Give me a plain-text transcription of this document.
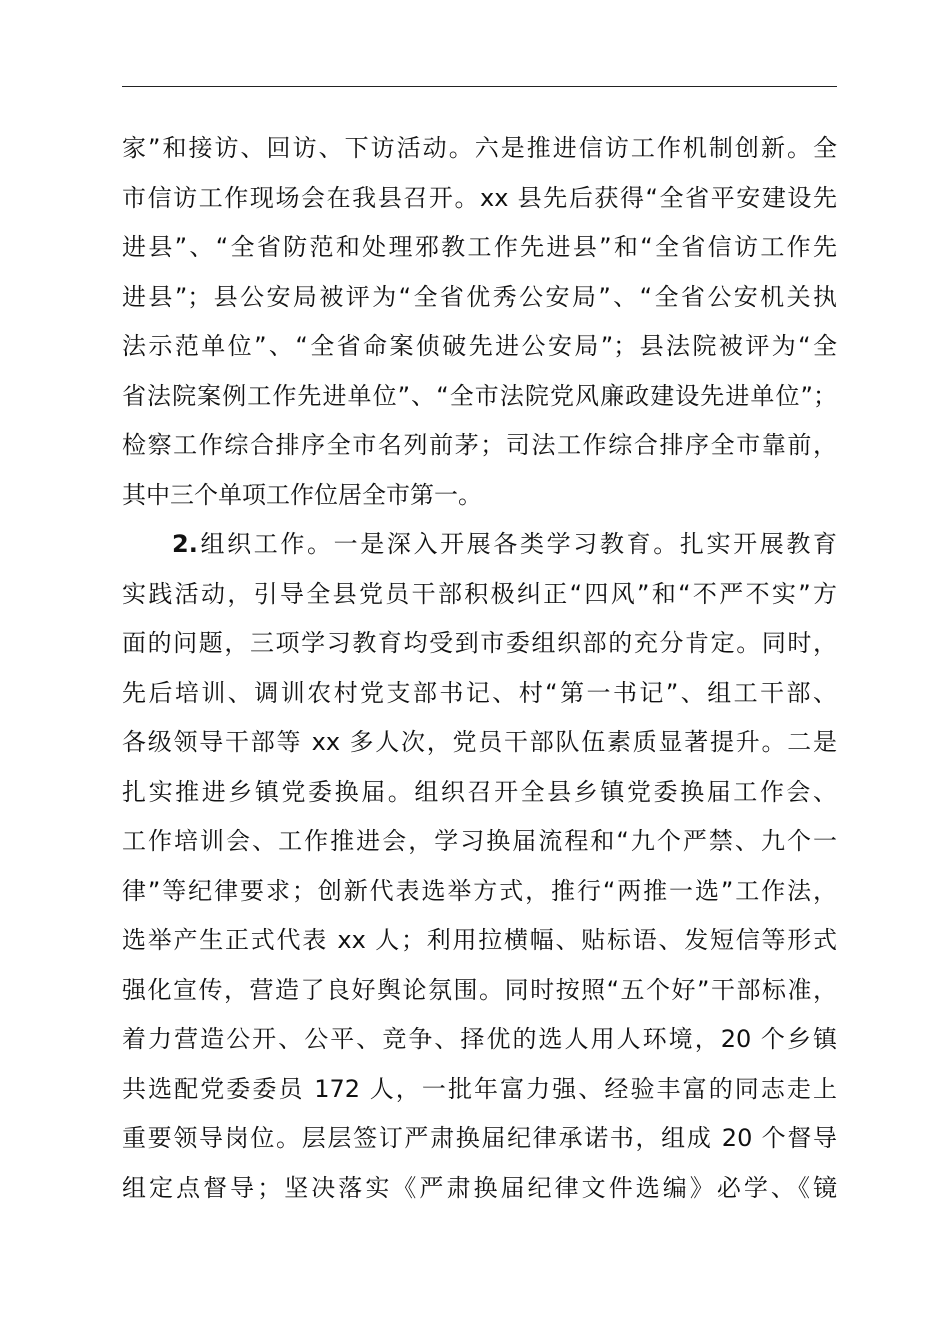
家”和接访、回访、下访活动。六是推进信访工作机制创新。全
市信访工作现场会在我县召开。xx 县先后获得“全省平安建设先
进县”、“全省防范和处理邪教工作先进县”和“全省信访工作先
进县”；县公安局被评为“全省优秀公安局”、“全省公安机关执
法示范单位”、“全省命案侦破先进公安局”；县法院被评为“全
省法院案例工作先进单位”、“全市法院党风廉政建设先进单位”；
检察工作综合排序全市名列前茅；司法工作综合排序全市靠前，
其中三个单项工作位居全市第一。
2.组织工作。一是深入开展各类学习教育。扎实开展教育
实践活动，引导全县党员干部积极纠正“四风”和“不严不实”方
面的问题，三项学习教育均受到市委组织部的充分肯定。同时，
先后培训、调训农村党支部书记、村“第一书记”、组工干部、
各级领导干部等 xx 多人次，党员干部队伍素质显著提升。二是
扎实推进乡镇党委换届。组织召开全县乡镇党委换届工作会、
工作培训会、工作推进会，学习换届流程和“九个严禁、九个一
律”等纪律要求；创新代表选举方式，推行“两推一选”工作法，
选举产生正式代表 xx 人；利用拉横幅、贴标语、发短信等形式
强化宣传，营造了良好舆论氛围。同时按照“五个好”干部标准，
着力营造公开、公平、竞争、择优的选人用人环境，20 个乡镇
共选配党委委员 172 人，一批年富力强、经验丰富的同志走上
重要领导岗位。层层签订严肃换届纪律承诺书，组成 20 个督导
组定点督导；坚决落实《严肃换届纪律文件选编》必学、《镜
